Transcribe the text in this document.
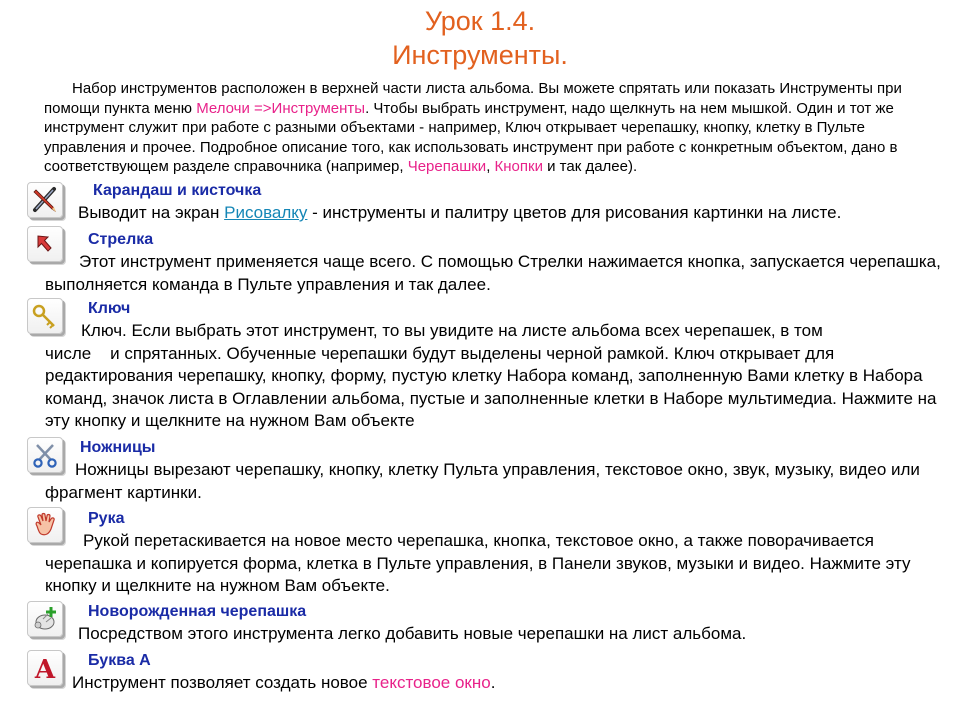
Урок 1.4.
Инструменты.

Набор инструментов расположен в верхней части листа альбома. Вы можете спрятать или показать Инструменты при помощи пункта меню Мелочи =>Инструменты. Чтобы выбрать инструмент, надо щелкнуть на нем мышкой. Один и тот же инструмент служит при работе с разными объектами - например, Ключ открывает черепашку, кнопку, клетку в Пульте управления и прочее. Подробное описание того, как использовать инструмент при работе с конкретным объектом, дано в соответствующем разделе справочника (например, Черепашки, Кнопки и так далее).

Карандаш и кисточка

Выводит на экран Рисовалку - инструменты и палитру цветов для рисования картинки на листе.

Стрелка

Этот инструмент применяется чаще всего. С помощью Стрелки нажимается кнопка, запускается черепашка, выполняется команда в Пульте управления и так далее.

Ключ
Ключ. Если выбрать этот инструмент, то вы увидите на листе альбома всех черепашек, в том
числе    и спрятанных. Обученные черепашки будут выделены черной рамкой. Ключ открывает для редактирования черепашку, кнопку, форму, пустую клетку Набора команд, заполненную Вами клетку в Набора команд, значок листа в Оглавлении альбома, пустые и заполненные клетки в Наборе мультимедиа. Нажмите на эту кнопку и щелкните на нужном Вам объекте
Ножницы

Ножницы вырезают черепашку, кнопку, клетку Пульта управления, текстовое окно, звук, музыку, видео или фрагмент картинки.

Рука

Рукой перетаскивается на новое место черепашка, кнопка, текстовое окно, а также поворачивается черепашка и копируется форма, клетка в Пульте управления, в Панели звуков, музыки и видео. Нажмите эту кнопку и щелкните на нужном Вам объекте.

Новорожденная черепашка

Посредством этого инструмента легко добавить новые черепашки на лист альбома.

A Буква А

Инструмент позволяет создать новое текстовое окно.
